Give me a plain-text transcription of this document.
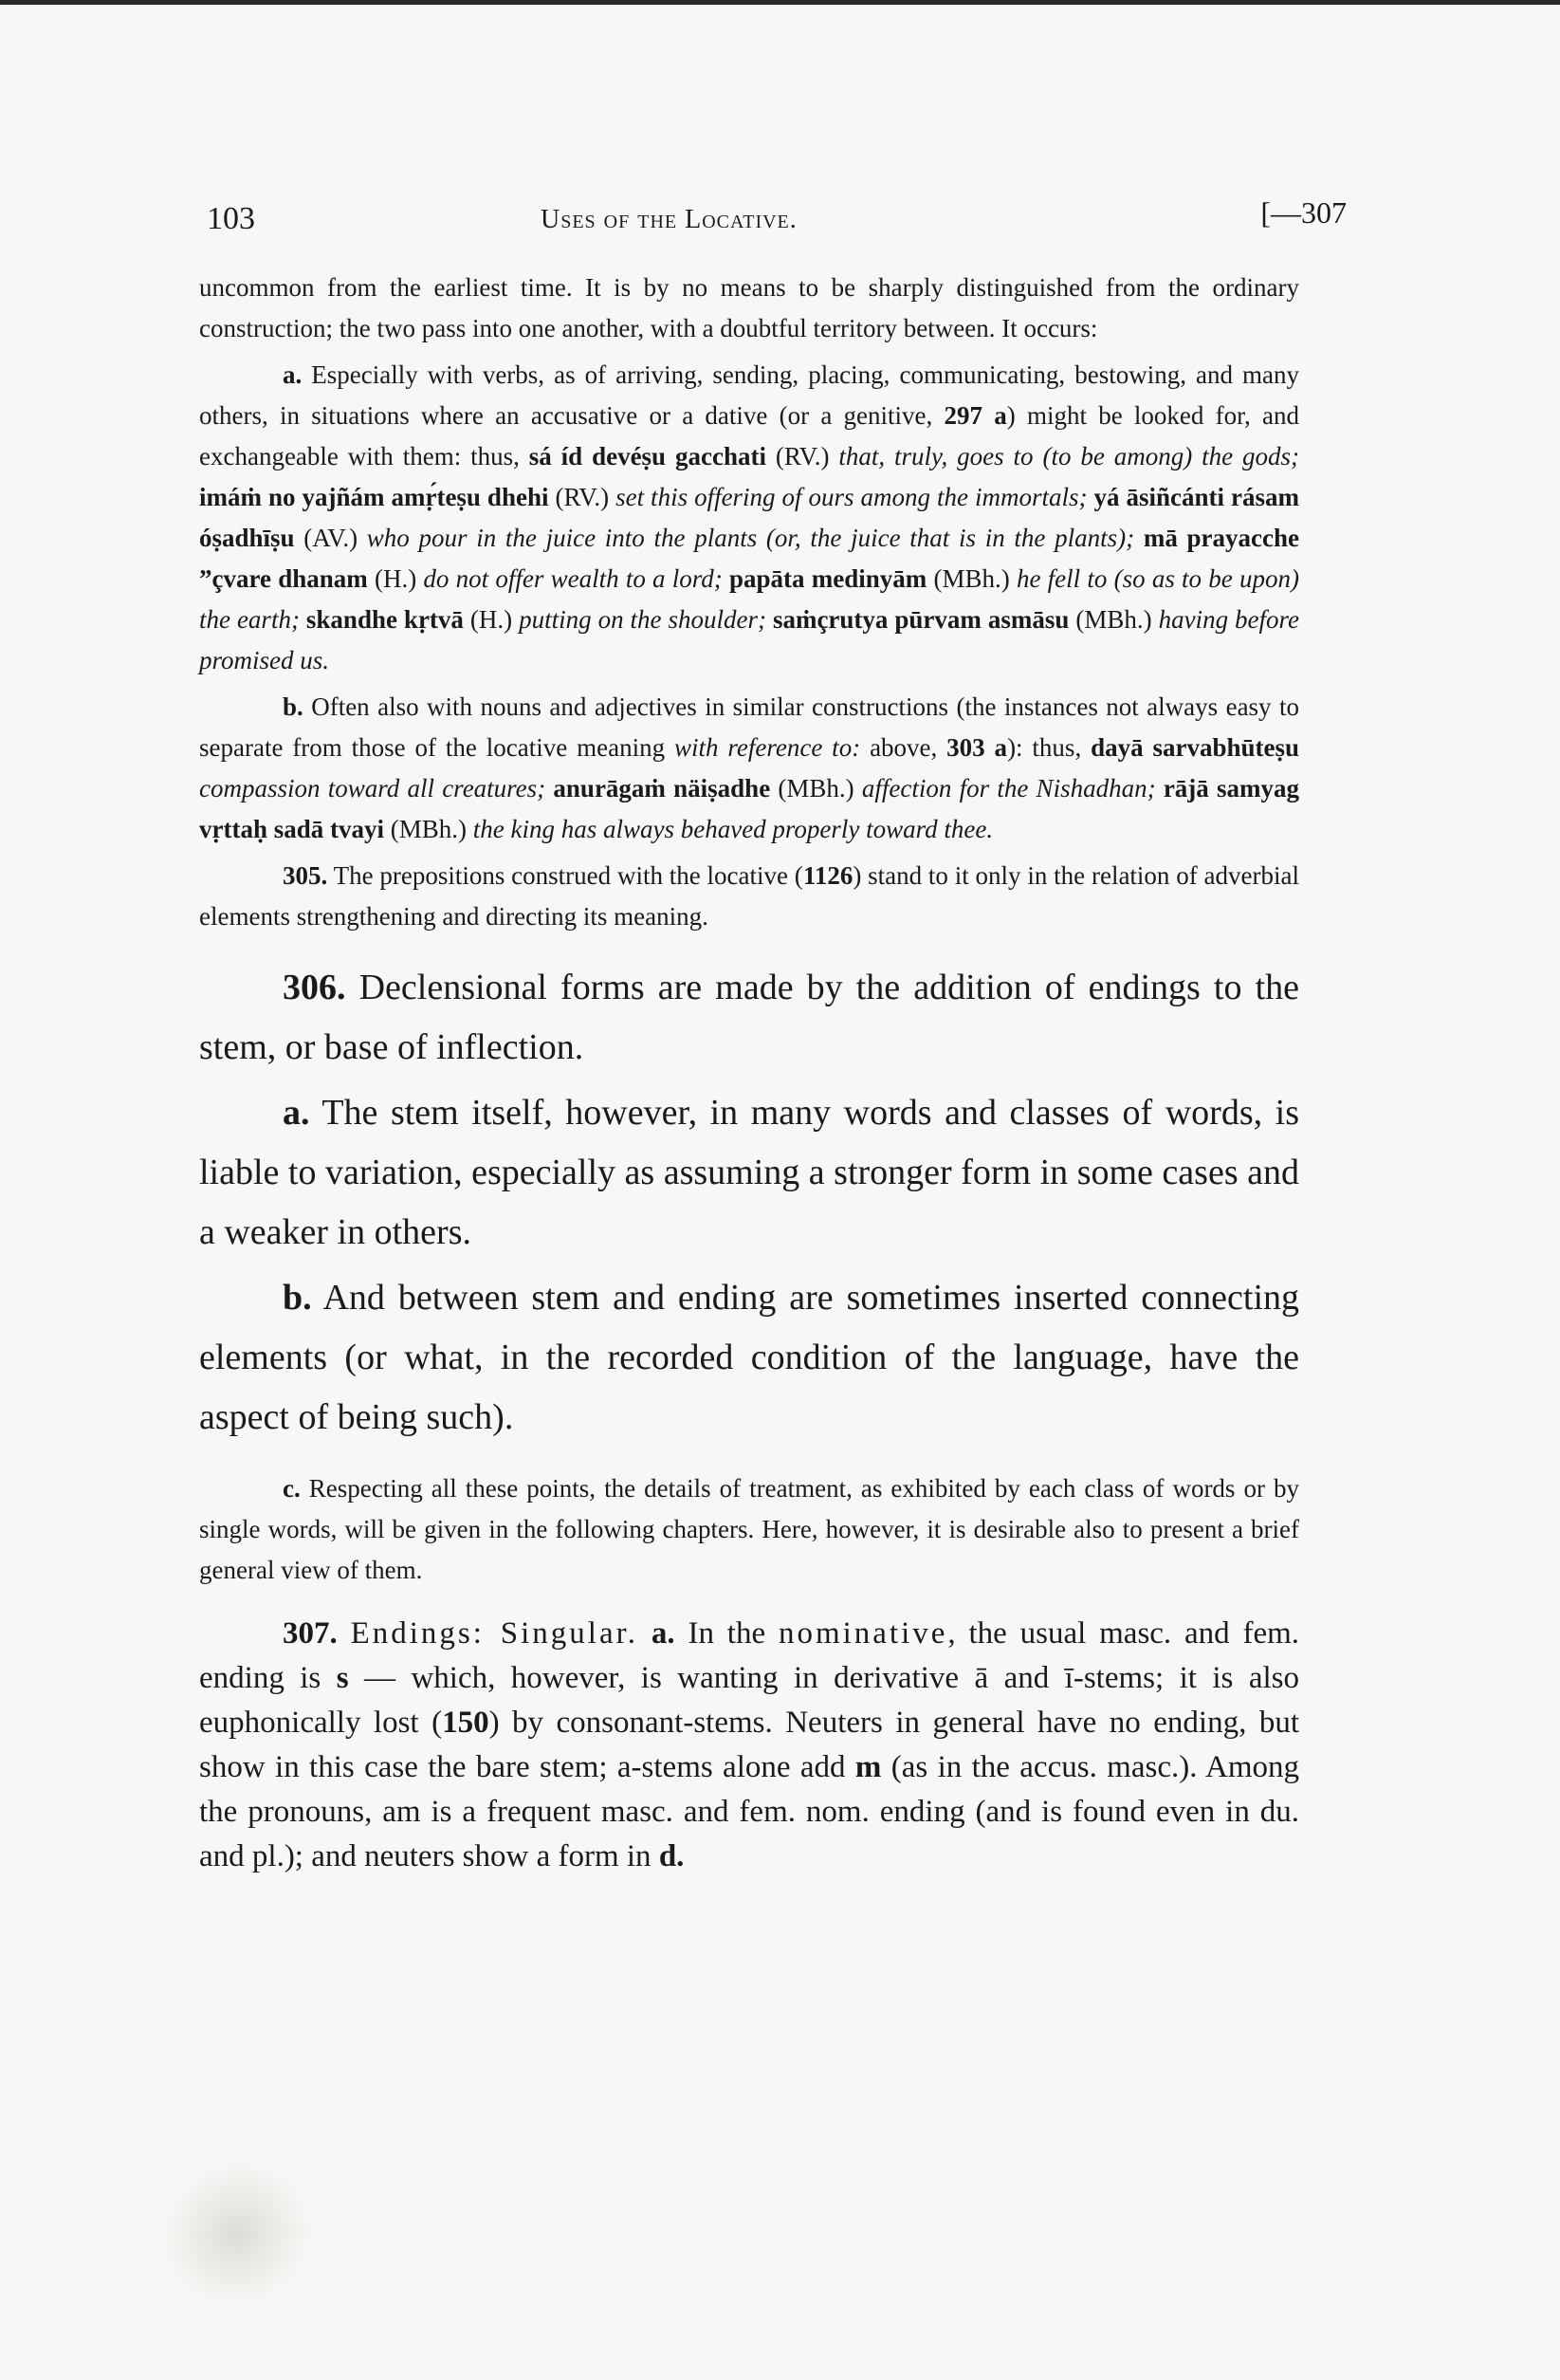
103	Uses of the Locative.	[—307

uncommon from the earliest time. It is by no means to be sharply distinguished from the ordinary construction; the two pass into one another, with a doubtful territory between. It occurs:

a. Especially with verbs, as of arriving, sending, placing, communicating, bestowing, and many others, in situations where an accusative or a dative (or a genitive, 297 a) might be looked for, and exchangeable with them: thus, sá íd devéṣu gacchati (RV.) that, truly, goes to (to be among) the gods; imáṁ no yajñám amṛ́teṣu dhehi (RV.) set this offering of ours among the immortals; yá āsiñcánti rásam óṣadhīṣu (AV.) who pour in the juice into the plants (or, the juice that is in the plants); mā prayacche ”çvare dhanam (H.) do not offer wealth to a lord; papāta medinyām (MBh.) he fell to (so as to be upon) the earth; skandhe kṛtvā (H.) putting on the shoulder; saṁçrutya pūrvam asmāsu (MBh.) having before promised us.

b. Often also with nouns and adjectives in similar constructions (the instances not always easy to separate from those of the locative meaning with reference to: above, 303 a): thus, dayā sarvabhūteṣu compassion toward all creatures; anurāgaṁ näiṣadhe (MBh.) affection for the Nishadhan; rājā samyag vṛttaḥ sadā tvayi (MBh.) the king has always behaved properly toward thee.

305. The prepositions construed with the locative (1126) stand to it only in the relation of adverbial elements strengthening and directing its meaning.

306. Declensional forms are made by the addition of endings to the stem, or base of inflection.

a. The stem itself, however, in many words and classes of words, is liable to variation, especially as assuming a stronger form in some cases and a weaker in others.

b. And between stem and ending are sometimes inserted connecting elements (or what, in the recorded condition of the language, have the aspect of being such).

c. Respecting all these points, the details of treatment, as exhibited by each class of words or by single words, will be given in the following chapters. Here, however, it is desirable also to present a brief general view of them.

307. Endings: Singular. a. In the nominative, the usual masc. and fem. ending is s — which, however, is wanting in derivative ā and ī-stems; it is also euphonically lost (150) by consonant-stems. Neuters in general have no ending, but show in this case the bare stem; a-stems alone add m (as in the accus. masc.). Among the pronouns, am is a frequent masc. and fem. nom. ending (and is found even in du. and pl.); and neuters show a form in d.
